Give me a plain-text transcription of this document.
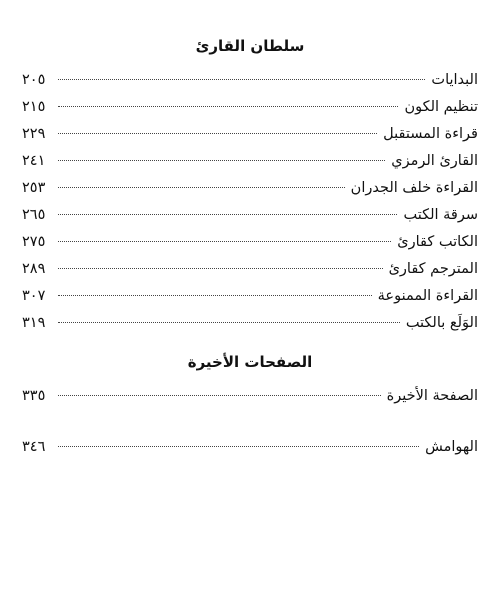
سلطان القارئ
البدايات
٢٠٥
تنظيم الكون
٢١٥
قراءة المستقبل
٢٢٩
القارئ الرمزي
٢٤١
القراءة خلف الجدران
٢٥٣
سرقة الكتب
٢٦٥
الكاتب كقارئ
٢٧٥
المترجم كقارئ
٢٨٩
القراءة الممنوعة
٣٠٧
الوَلَع بالكتب
٣١٩
الصفحات الأخيرة
الصفحة الأخيرة
٣٣٥
الهوامش
٣٤٦
